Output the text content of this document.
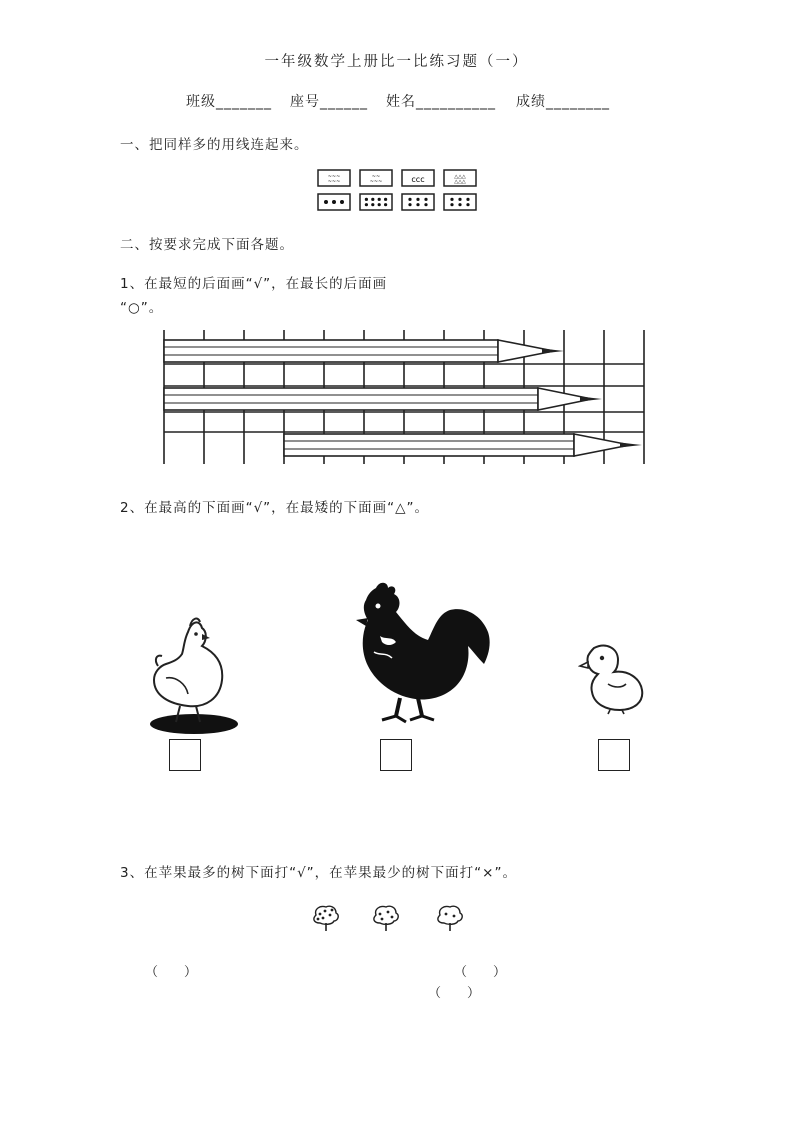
一年级数学上册比一比练习题（一）
班级_______ 座号______ 姓名__________ 成绩________
一、把同样多的用线连起来。
~~~
~~~
~~
~~~	ccc	△△△
△△△
二、按要求完成下面各题。
1、在最短的后面画“√”，在最长的后面画
“○”。
2、在最高的下面画“√”，在最矮的下面画“△”。
3、在苹果最多的树下面打“√”，在苹果最少的树下面打“×”。
（　　）	（　　）
（　　）
